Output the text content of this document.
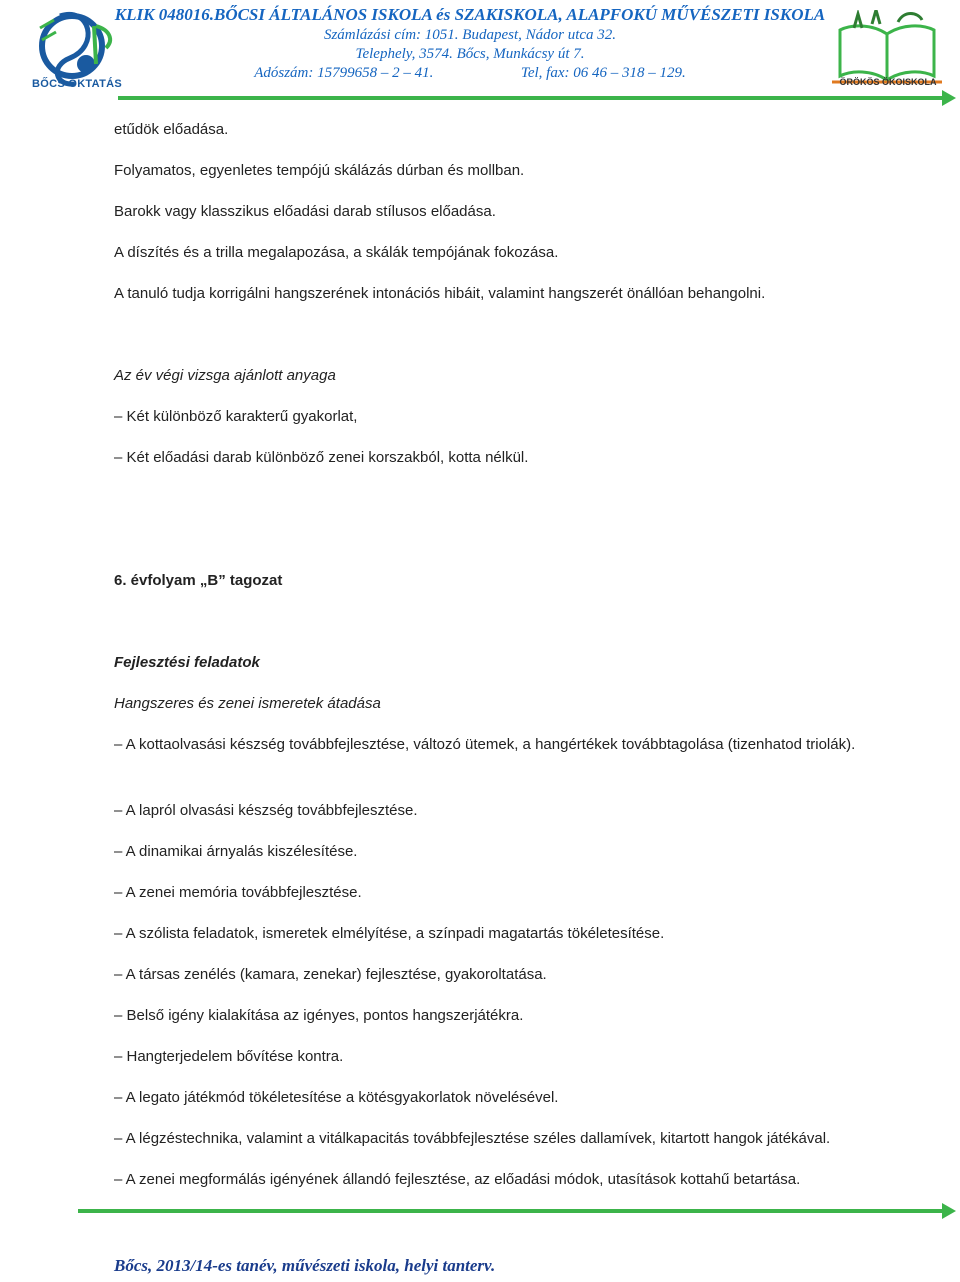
BŐCS OKTATÁS
KLIK 048016.BŐCSI ÁLTALÁNOS ISKOLA és SZAKISKOLA, ALAPFOKÚ MŰVÉSZETI ISKOLA
Számlázási cím: 1051. Budapest, Nádor utca 32.
Telephely, 3574. Bőcs, Munkácsy út 7.
Adószám: 15799658 – 2 – 41.	Tel, fax: 06 46 – 318 – 129.
ÖRÖKÖS ÖKOISKOLA
etűdök előadása.
Folyamatos, egyenletes tempójú skálázás dúrban és mollban.
Barokk vagy klasszikus előadási darab stílusos előadása.
A díszítés és a trilla megalapozása, a skálák tempójának fokozása.
A tanuló tudja korrigálni hangszerének intonációs hibáit, valamint hangszerét önállóan behangolni.
Az év végi vizsga ajánlott anyaga
– Két különböző karakterű gyakorlat,
– Két előadási darab különböző zenei korszakból, kotta nélkül.
6. évfolyam „B” tagozat
Fejlesztési feladatok
Hangszeres és zenei ismeretek átadása
– A kottaolvasási készség továbbfejlesztése, változó ütemek, a hangértékek továbbtagolása (tizenhatod triolák).
– A lapról olvasási készség továbbfejlesztése.
– A dinamikai árnyalás kiszélesítése.
– A zenei memória továbbfejlesztése.
– A szólista feladatok, ismeretek elmélyítése, a színpadi magatartás tökéletesítése.
– A társas zenélés (kamara, zenekar) fejlesztése, gyakoroltatása.
– Belső igény kialakítása az igényes, pontos hangszerjátékra.
– Hangterjedelem bővítése kontra.
– A legato játékmód tökéletesítése a kötésgyakorlatok növelésével.
– A légzéstechnika, valamint a vitálkapacitás továbbfejlesztése széles dallamívek, kitartott hangok játékával.
– A zenei megformálás igényének állandó fejlesztése, az előadási módok, utasítások kottahű betartása.
Bőcs, 2013/14-es tanév, művészeti iskola, helyi tanterv.
